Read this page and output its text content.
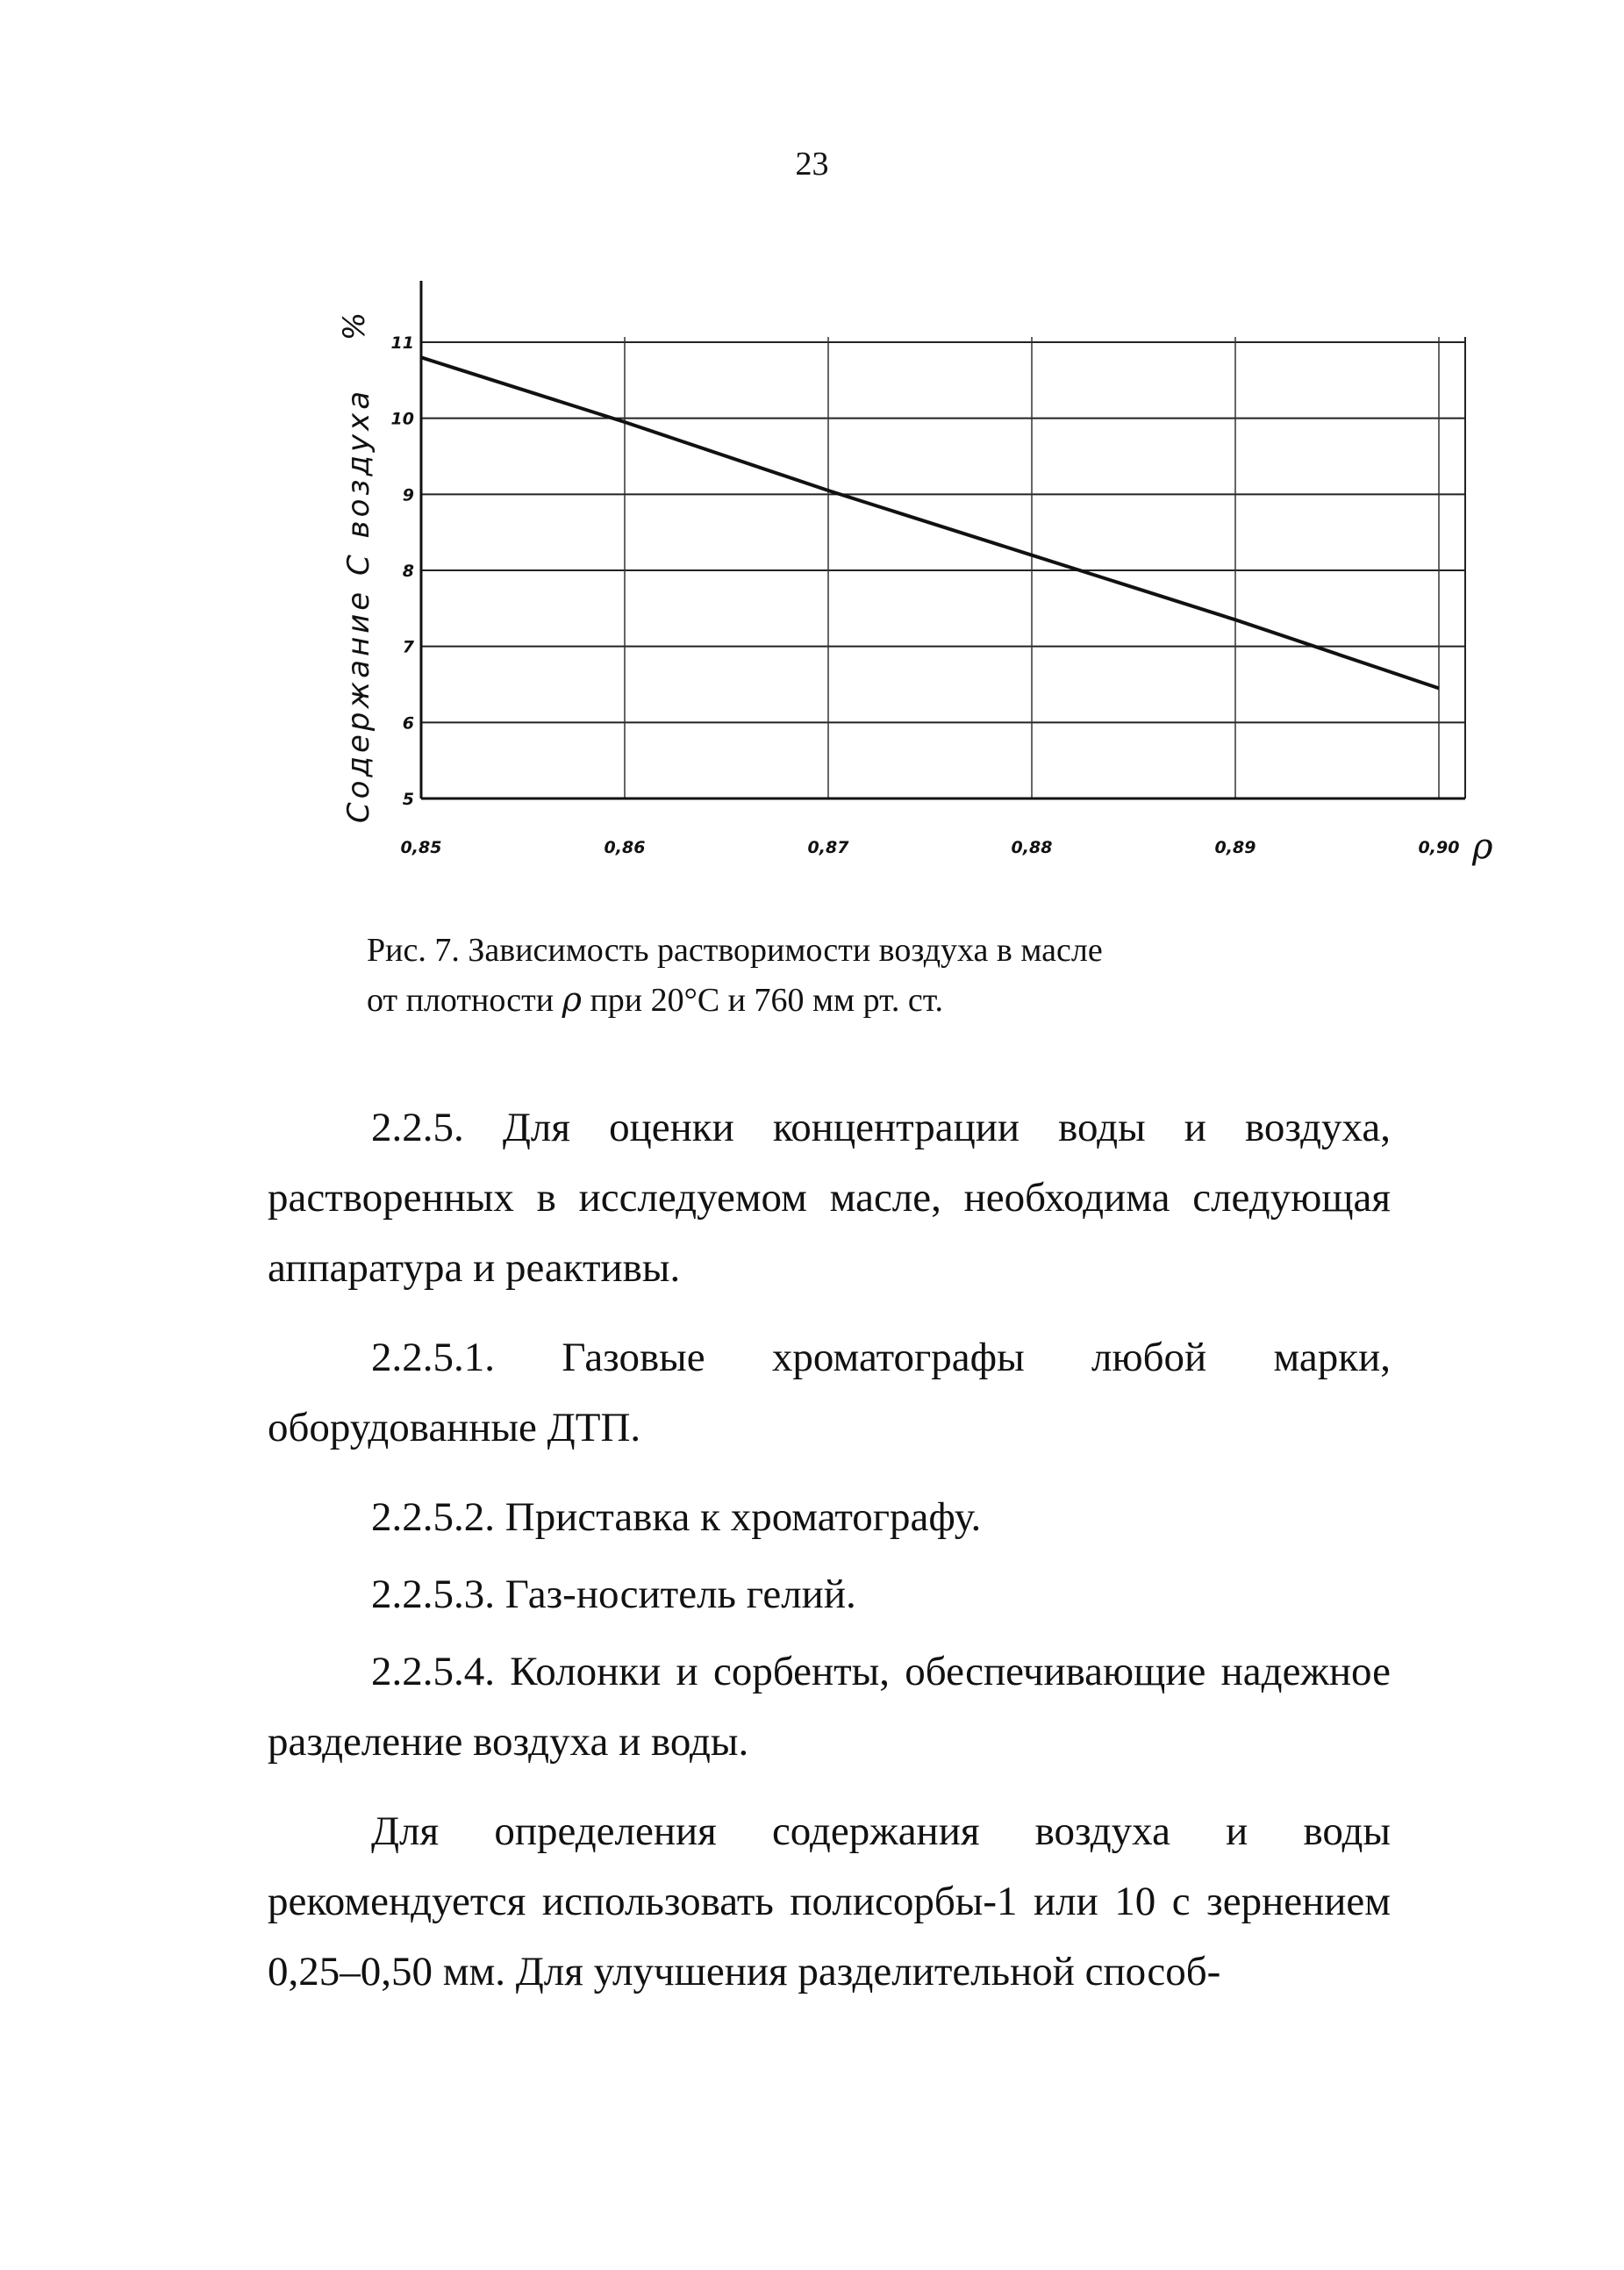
23
5
6
7
8
9
10
11
0,85	0,86	0,87	0,88	0,89	0,90
Содержание С воздуха
%
ρ
Рис. 7. Зависимость растворимости воздуха в масле
от плотности ρ при 20°С и 760 мм рт. ст.

2.2.5. Для оценки концентрации воды и воздуха, растворенных в исследуемом масле, необходима следующая аппаратура и реактивы.

2.2.5.1. Газовые хроматографы любой марки, оборудованные ДТП.

2.2.5.2. Приставка к хроматографу.

2.2.5.3. Газ-носитель гелий.

2.2.5.4. Колонки и сорбенты, обеспечивающие надежное разделение воздуха и воды.

Для определения содержания воздуха и воды рекомендуется использовать полисорбы-1 или 10 с зернением 0,25–0,50 мм. Для улучшения разделительной способ-
